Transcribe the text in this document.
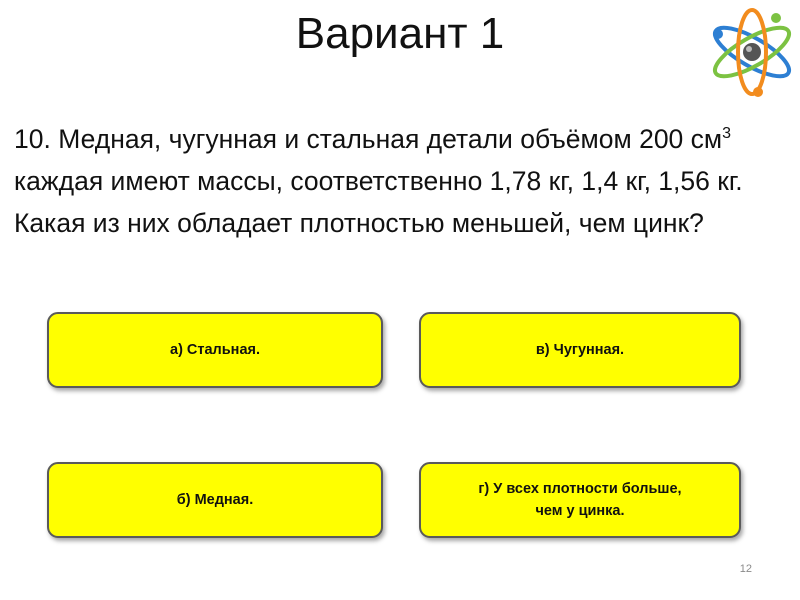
Вариант 1
10. Медная, чугунная и стальная детали объёмом 200 $см^3$ каждая имеют массы, соответственно 1,78 кг, 1,4 кг, 1,56 кг. Какая из них обладает плотностью меньшей, чем цинк?
а) Стальная.	в) Чугунная.
б) Медная.
г) У всех плотности больше,
чем у цинка.
12
